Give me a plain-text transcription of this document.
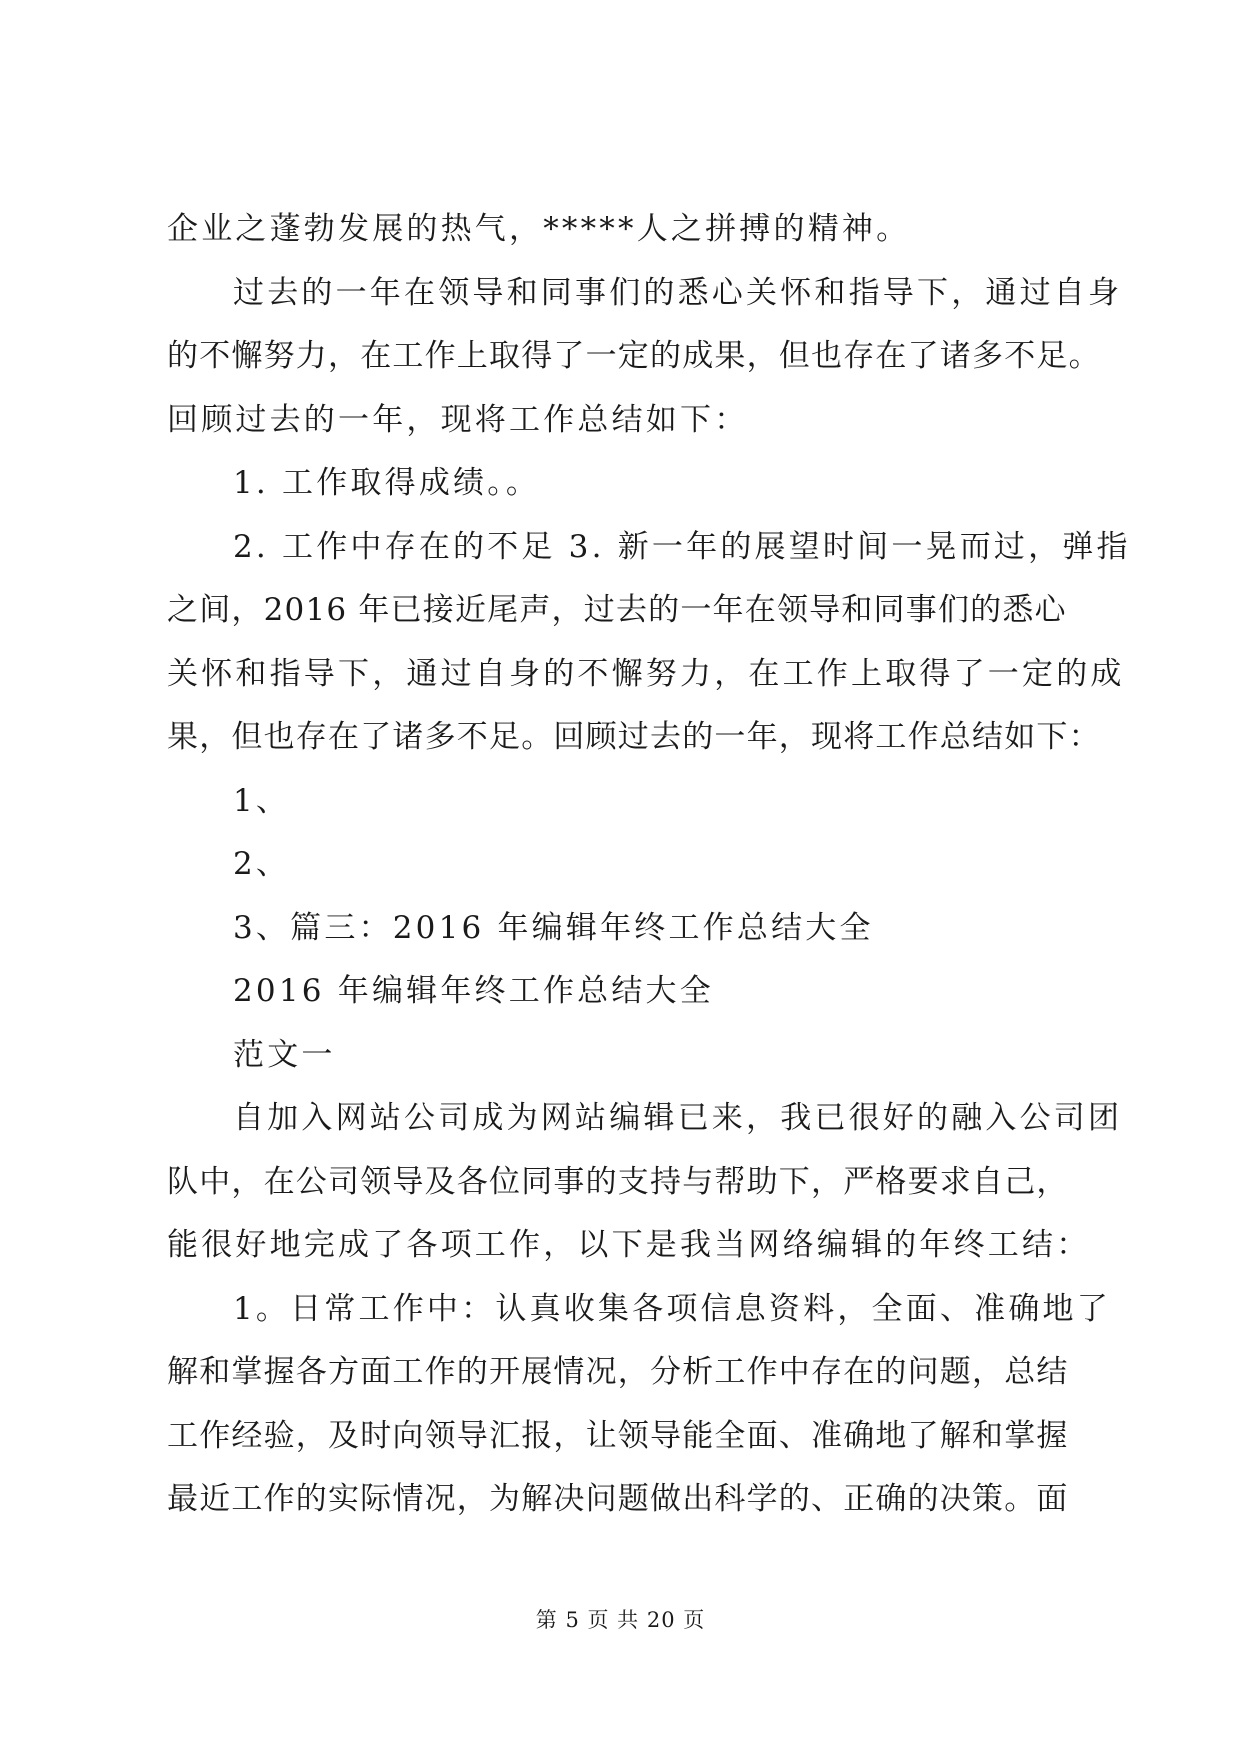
企业之蓬勃发展的热气，*****人之拼搏的精神。
过去的一年在领导和同事们的悉心关怀和指导下，通过自身
的不懈努力，在工作上取得了一定的成果，但也存在了诸多不足。
回顾过去的一年，现将工作总结如下：
1. 工作取得成绩。。
2. 工作中存在的不足 3. 新一年的展望时间一晃而过，弹指
之间，2016 年已接近尾声，过去的一年在领导和同事们的悉心
关怀和指导下，通过自身的不懈努力，在工作上取得了一定的成
果，但也存在了诸多不足。回顾过去的一年，现将工作总结如下：
1、
2、
3、篇三：2016 年编辑年终工作总结大全
2016 年编辑年终工作总结大全
范文一
自加入网站公司成为网站编辑已来，我已很好的融入公司团
队中，在公司领导及各位同事的支持与帮助下，严格要求自己，
能很好地完成了各项工作，以下是我当网络编辑的年终工结：
1。日常工作中：认真收集各项信息资料，全面、准确地了
解和掌握各方面工作的开展情况，分析工作中存在的问题，总结
工作经验，及时向领导汇报，让领导能全面、准确地了解和掌握
最近工作的实际情况，为解决问题做出科学的、正确的决策。面
第 5 页 共 20 页
